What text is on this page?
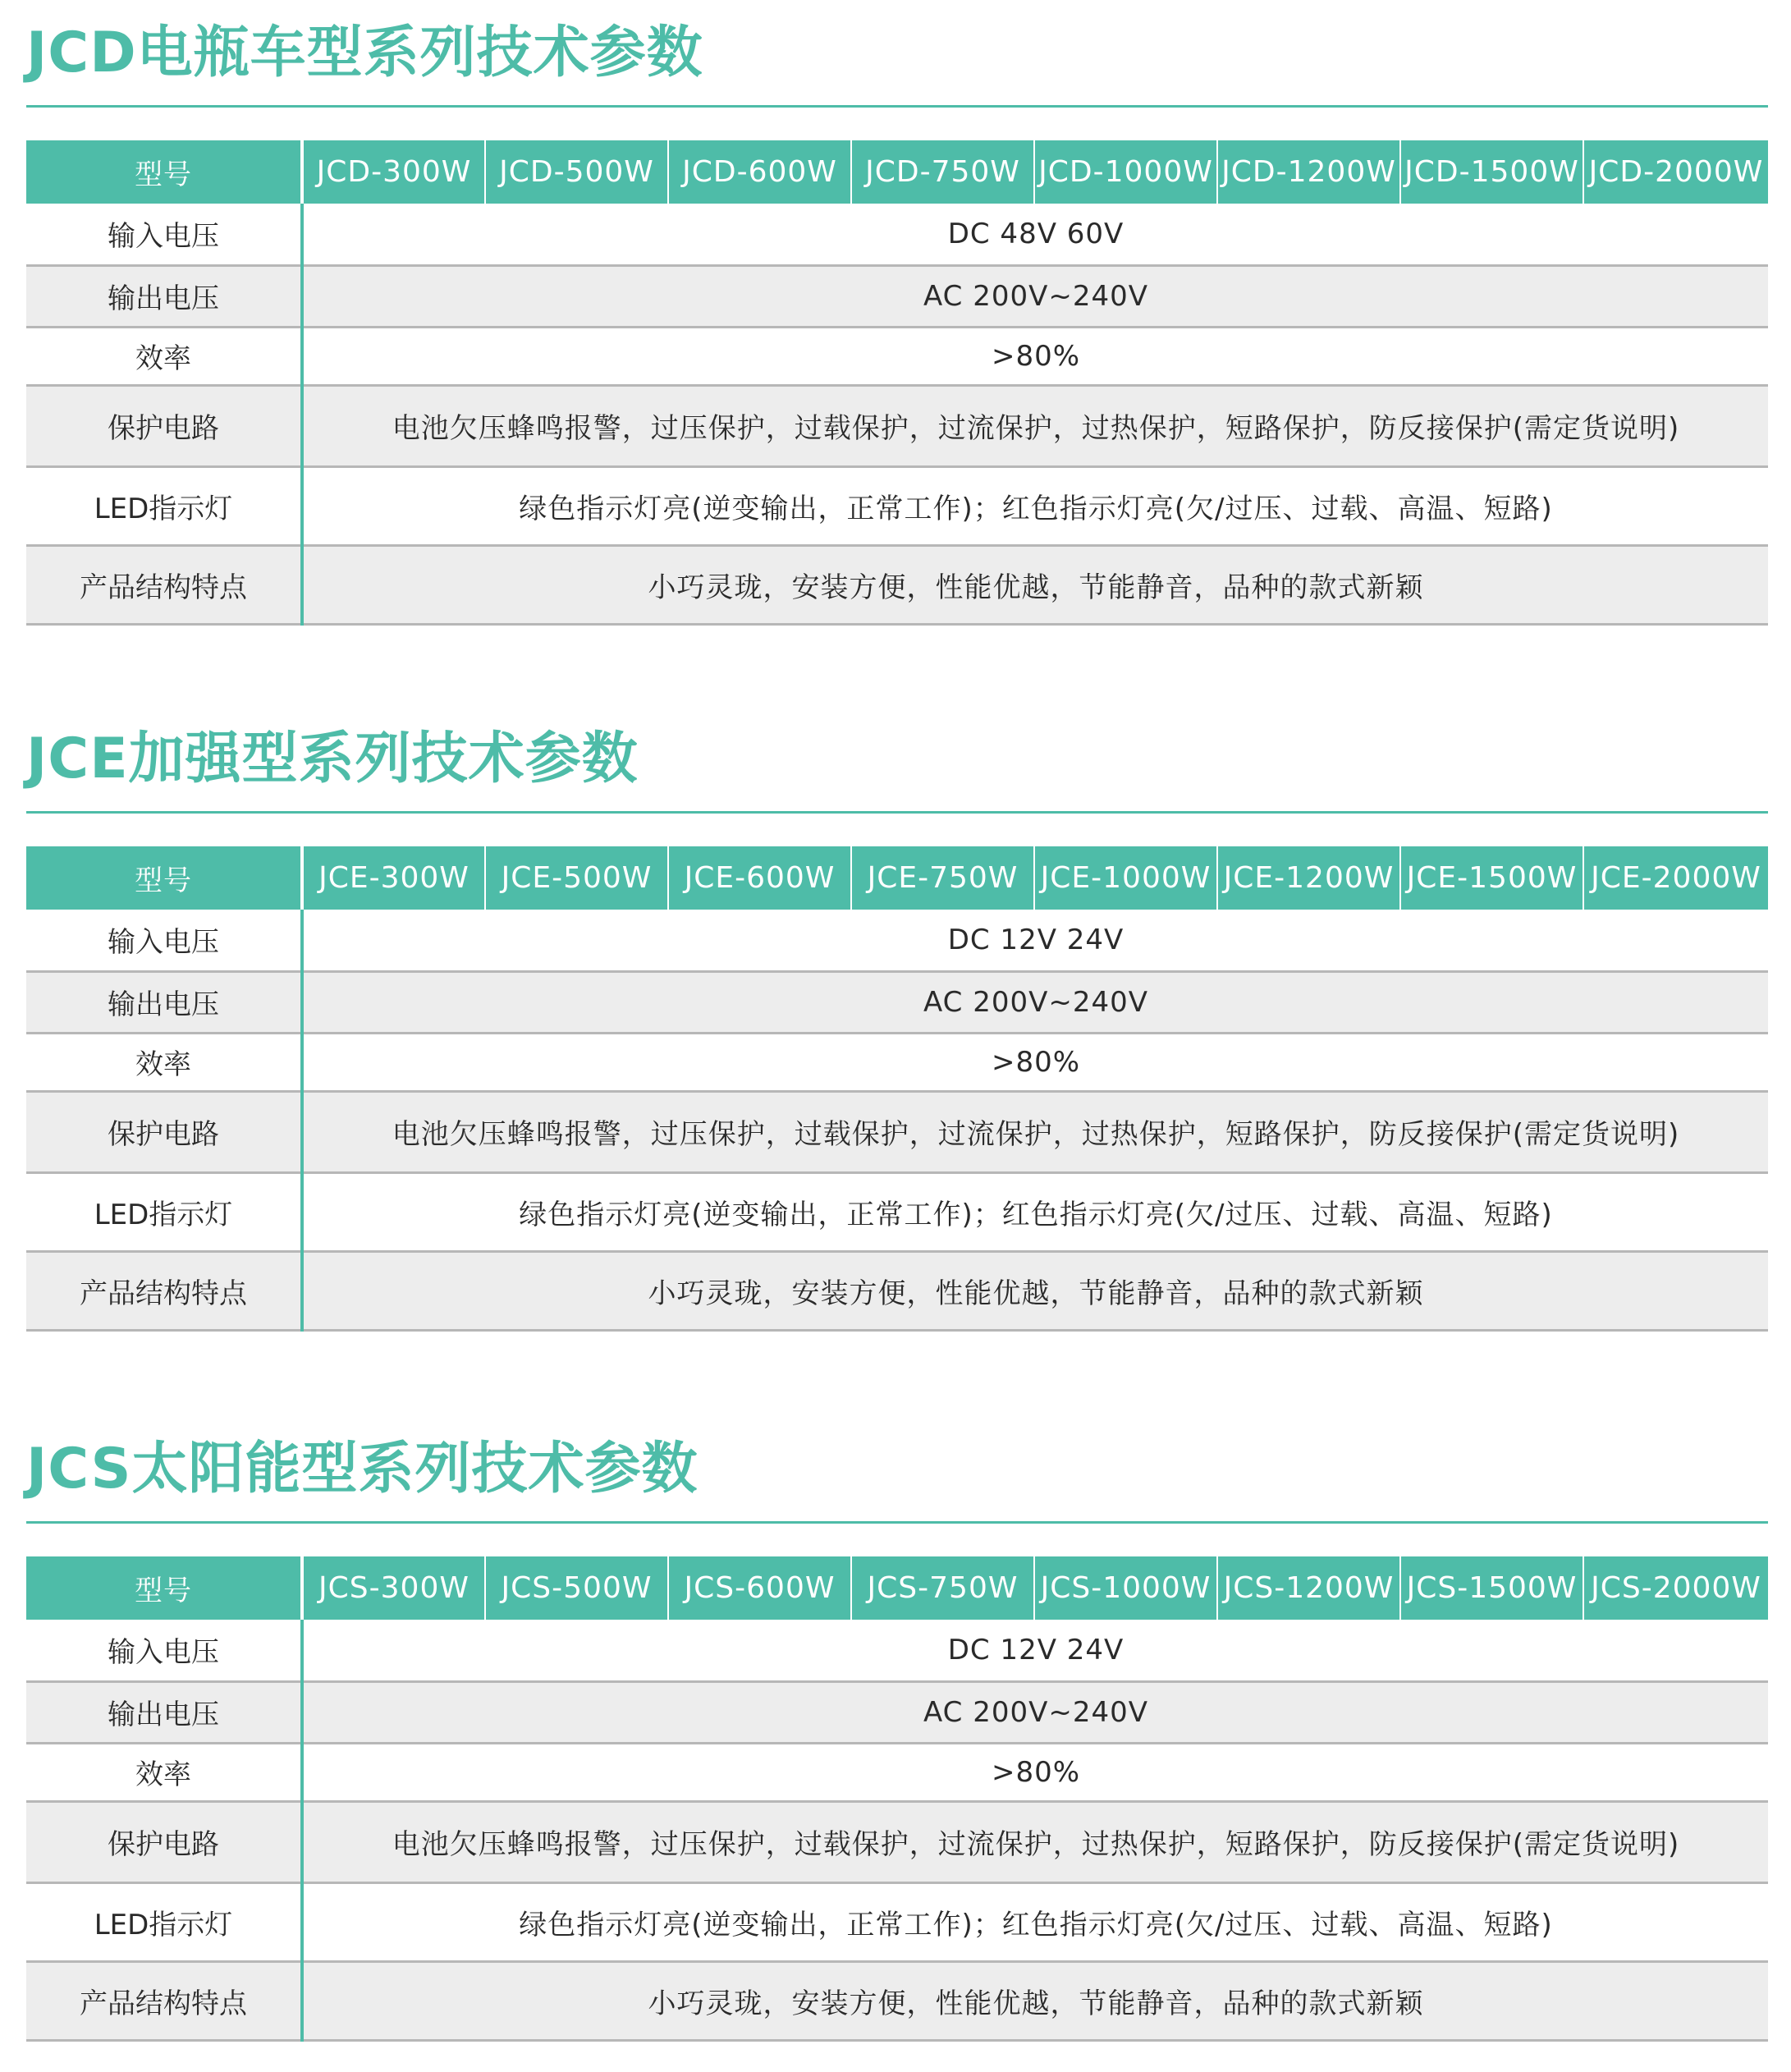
JCD电瓶车型系列技术参数
型号	JCD-300W	JCD-500W	JCD-600W	JCD-750W	JCD-1000W	JCD-1200W	JCD-1500W	JCD-2000W
输入电压	DC 48V 60V							
输出电压	AC 200V~240V							
效率	>80%							
保护电路	电池欠压蜂鸣报警，过压保护，过载保护，过流保护，过热保护，短路保护，防反接保护(需定货说明)							
LED指示灯	绿色指示灯亮(逆变输出，正常工作)；红色指示灯亮(欠/过压、过载、高温、短路)							
产品结构特点	小巧灵珑，安装方便，性能优越，节能静音，品种的款式新颖							
JCE加强型系列技术参数
型号	JCE-300W	JCE-500W	JCE-600W	JCE-750W	JCE-1000W	JCE-1200W	JCE-1500W	JCE-2000W
输入电压	DC 12V 24V							
输出电压	AC 200V~240V							
效率	>80%							
保护电路	电池欠压蜂鸣报警，过压保护，过载保护，过流保护，过热保护，短路保护，防反接保护(需定货说明)							
LED指示灯	绿色指示灯亮(逆变输出，正常工作)；红色指示灯亮(欠/过压、过载、高温、短路)							
产品结构特点	小巧灵珑，安装方便，性能优越，节能静音，品种的款式新颖							
JCS太阳能型系列技术参数
型号	JCS-300W	JCS-500W	JCS-600W	JCS-750W	JCS-1000W	JCS-1200W	JCS-1500W	JCS-2000W
输入电压	DC 12V 24V							
输出电压	AC 200V~240V							
效率	>80%							
保护电路	电池欠压蜂鸣报警，过压保护，过载保护，过流保护，过热保护，短路保护，防反接保护(需定货说明)							
LED指示灯	绿色指示灯亮(逆变输出，正常工作)；红色指示灯亮(欠/过压、过载、高温、短路)							
产品结构特点	小巧灵珑，安装方便，性能优越，节能静音，品种的款式新颖							
